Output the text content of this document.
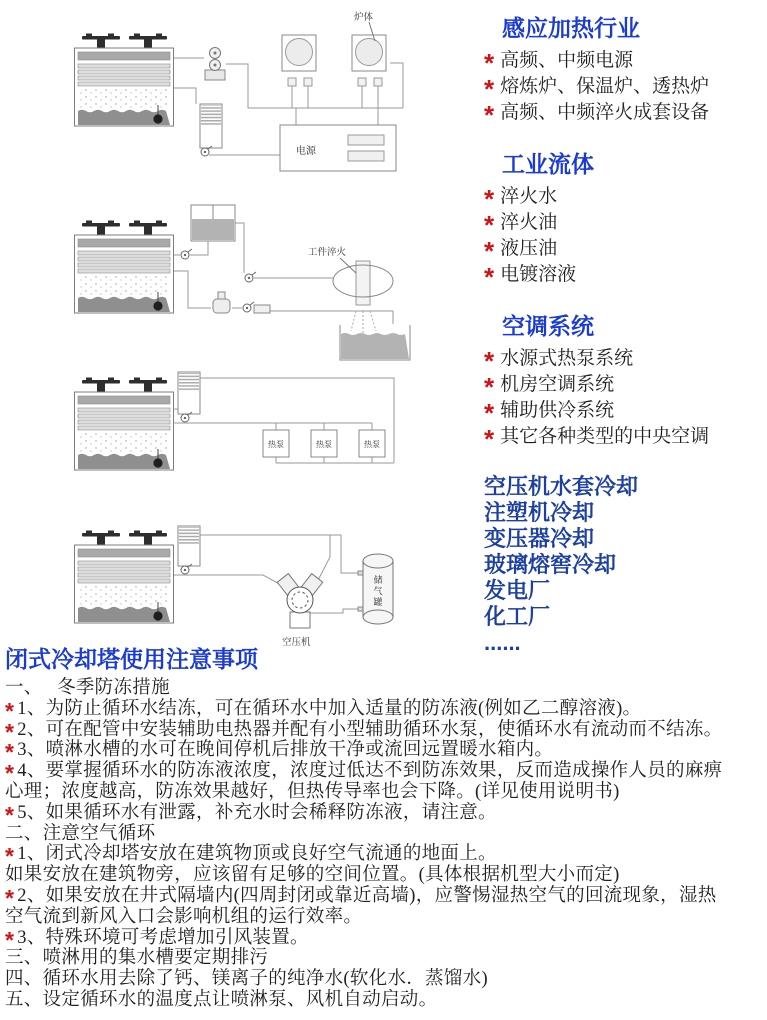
炉体
电源
工件淬火
热泵	热泵	热泵
空压机
储
气
罐
感应加热行业
* 高频、中频电源
* 熔炼炉、保温炉、透热炉
* 高频、中频淬火成套设备
工业流体
* 淬火水
* 淬火油
* 液压油
* 电镀溶液
空调系统
* 水源式热泵系统
* 机房空调系统
* 辅助供冷系统
* 其它各种类型的中央空调
空压机水套冷却
注塑机冷却
变压器冷却
玻璃熔窖冷却
发电厂
化工厂
......
闭式冷却塔使用注意事项
一、　 冬季防冻措施
* 1、为防止循环水结冻，可在循环水中加入适量的防冻液(例如乙二醇溶液)。
* 2、可在配管中安装辅助电热器并配有小型辅助循环水泵，使循环水有流动而不结冻。
* 3、喷淋水槽的水可在晚间停机后排放干净或流回远置暖水箱内。
* 4、要掌握循环水的防冻液浓度，浓度过低达不到防冻效果，反而造成操作人员的麻痹
心理；浓度越高，防冻效果越好，但热传导率也会下降。(详见使用说明书)
* 5、如果循环水有泄露，补充水时会稀释防冻液，请注意。
二、注意空气循环
* 1、闭式冷却塔安放在建筑物顶或良好空气流通的地面上。
如果安放在建筑物旁，应该留有足够的空间位置。(具体根据机型大小而定)
* 2、如果安放在井式隔墙内(四周封闭或靠近高墙)，应警惕湿热空气的回流现象，湿热
空气流到新风入口会影响机组的运行效率。
* 3、特殊环境可考虑增加引风装置。
三、喷淋用的集水槽要定期排污
四、循环水用去除了钙、镁离子的纯净水(软化水．蒸馏水)
五、设定循环水的温度点让喷淋泵、风机自动启动。
